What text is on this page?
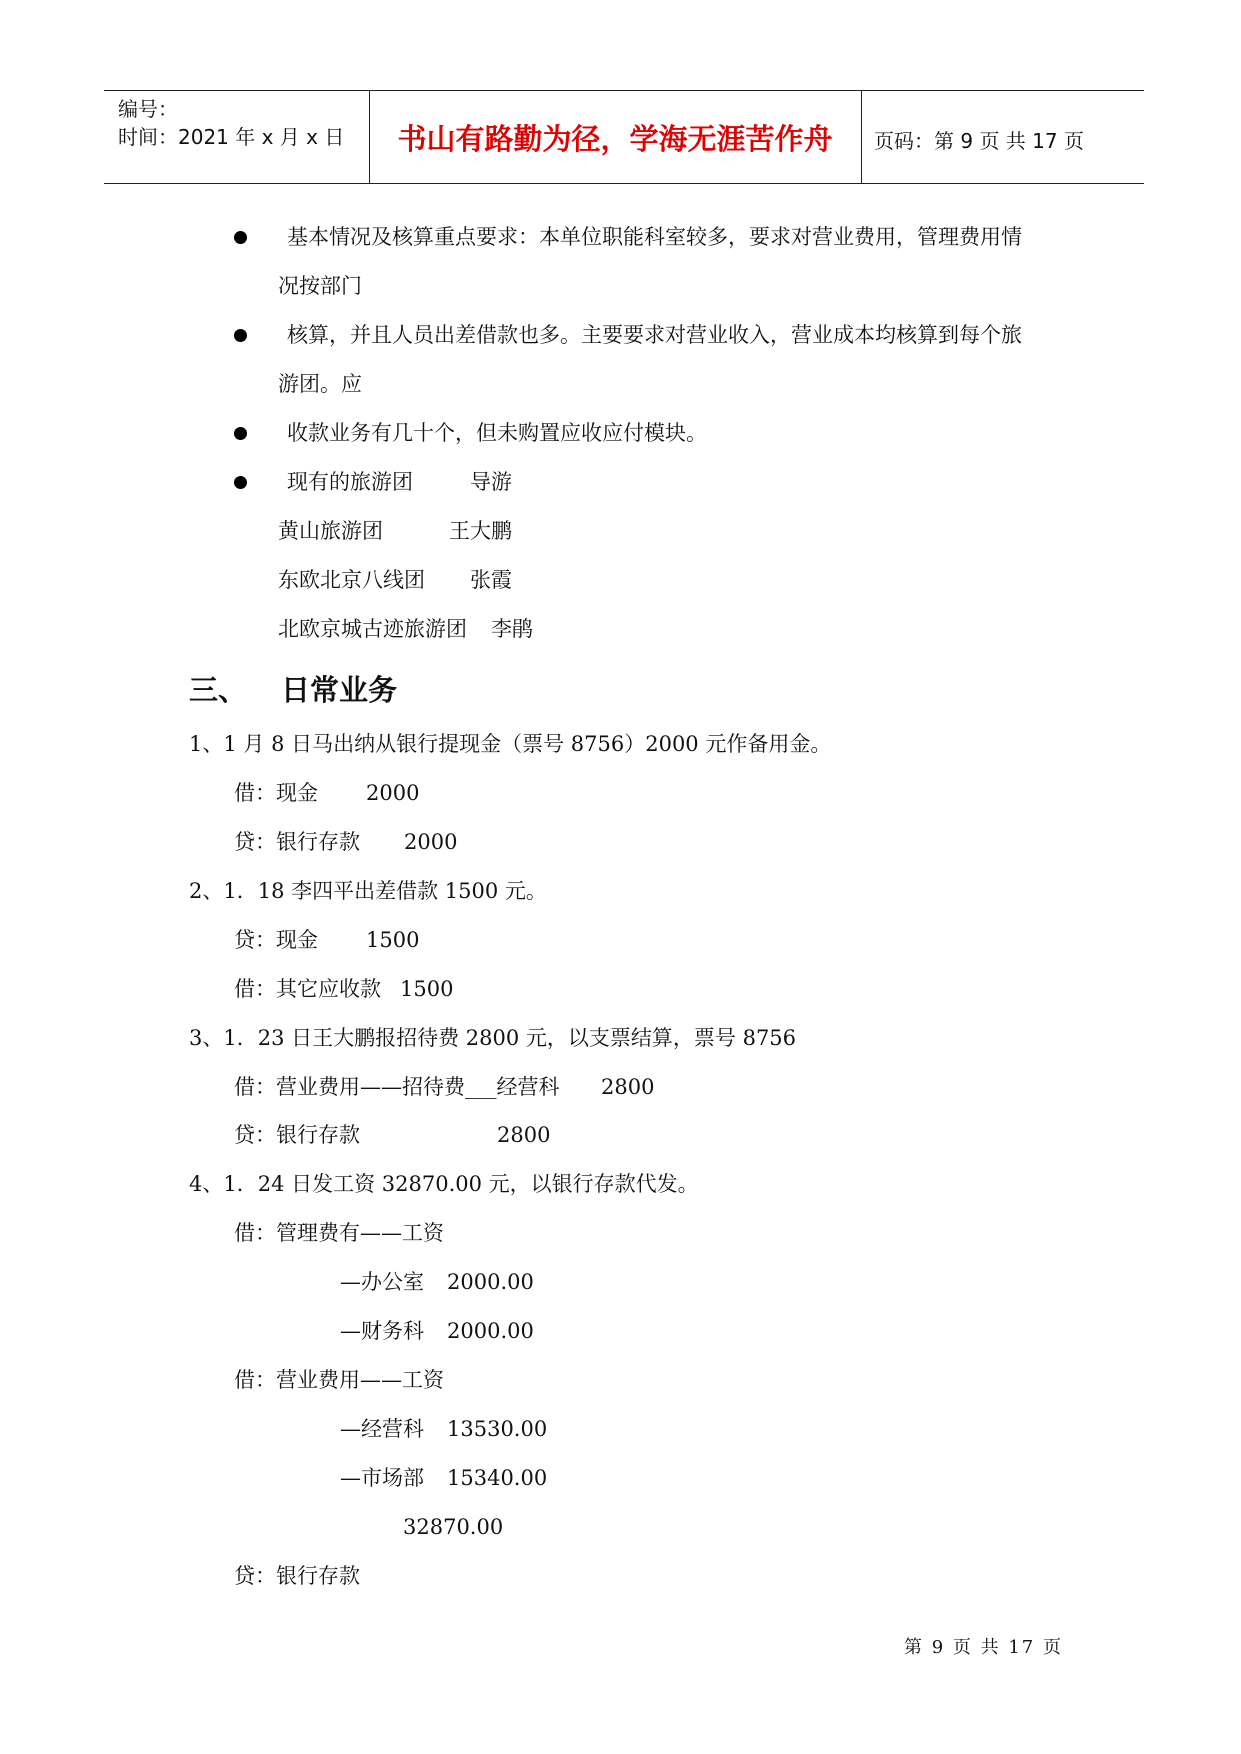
编号：
时间：2021 年 x 月 x 日	书山有路勤为径，学海无涯苦作舟	页码：第 9 页 共 17 页
基本情况及核算重点要求：本单位职能科室较多，要求对营业费用，管理费用情
况按部门
核算，并且人员出差借款也多。主要要求对营业收入，营业成本均核算到每个旅
游团。应
收款业务有几十个，但未购置应收应付模块。
现有的旅游团	导游
黄山旅游团	王大鹏
东欧北京八线团 张霞
北欧京城古迹旅游团 李鹃
三、 日常业务
1、1 月 8 日马出纳从银行提现金（票号 8756）2000 元作备用金。
借：现金 2000
贷：银行存款 2000
2、1．18 李四平出差借款 1500 元。
贷：现金 1500
借：其它应收款 1500
3、1．23 日王大鹏报招待费 2800 元，以支票结算，票号 8756
借：营业费用——招待费___经营科 2800
贷：银行存款	2800
4、1．24 日发工资 32870.00 元，以银行存款代发。
借：管理费有——工资
—办公室 2000.00
—财务科 2000.00
借：营业费用——工资
—经营科 13530.00
—市场部 15340.00
32870.00
贷：银行存款
第 9 页 共 17 页
